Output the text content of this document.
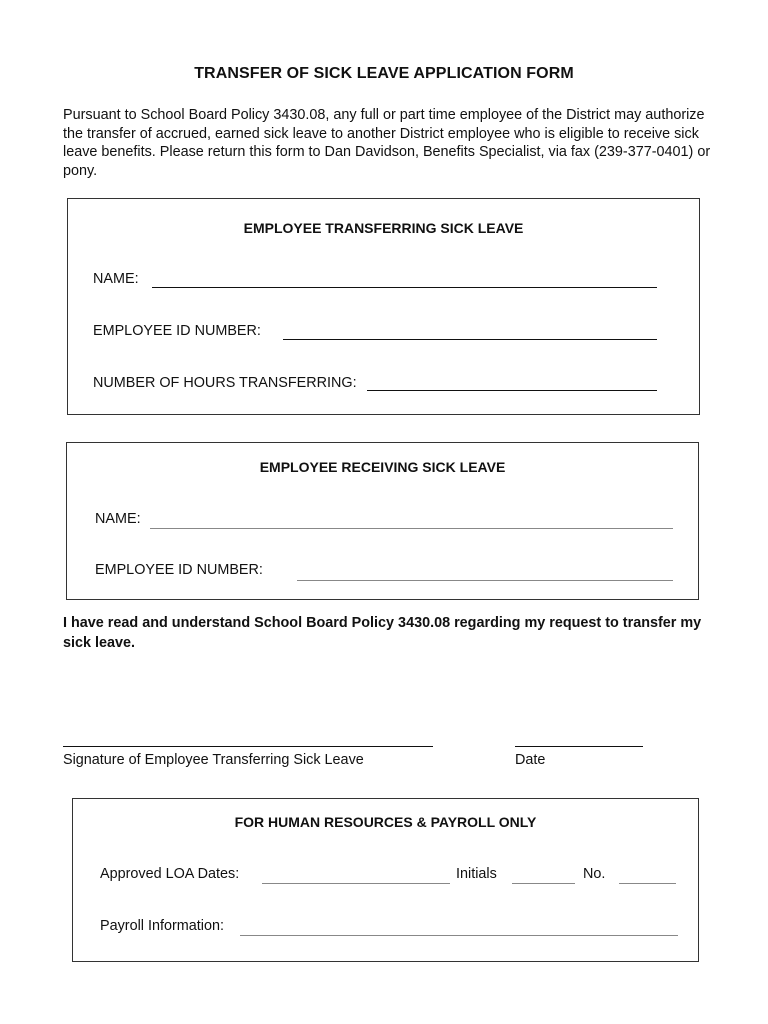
TRANSFER OF SICK LEAVE APPLICATION FORM
Pursuant to School Board Policy 3430.08, any full or part time employee of the District may authorize the transfer of accrued, earned sick leave to another District employee who is eligible to receive sick leave benefits. Please return this form to Dan Davidson, Benefits Specialist, via fax (239-377-0401) or pony.
EMPLOYEE TRANSFERRING SICK LEAVE
NAME:
EMPLOYEE ID NUMBER:
NUMBER OF HOURS TRANSFERRING:
EMPLOYEE RECEIVING SICK LEAVE
NAME:
EMPLOYEE ID NUMBER:
I have read and understand School Board Policy 3430.08 regarding my request to transfer my sick leave.
Signature of Employee Transferring Sick Leave	Date
FOR HUMAN RESOURCES & PAYROLL ONLY
Approved LOA Dates:	Initials	No.
Payroll Information:
